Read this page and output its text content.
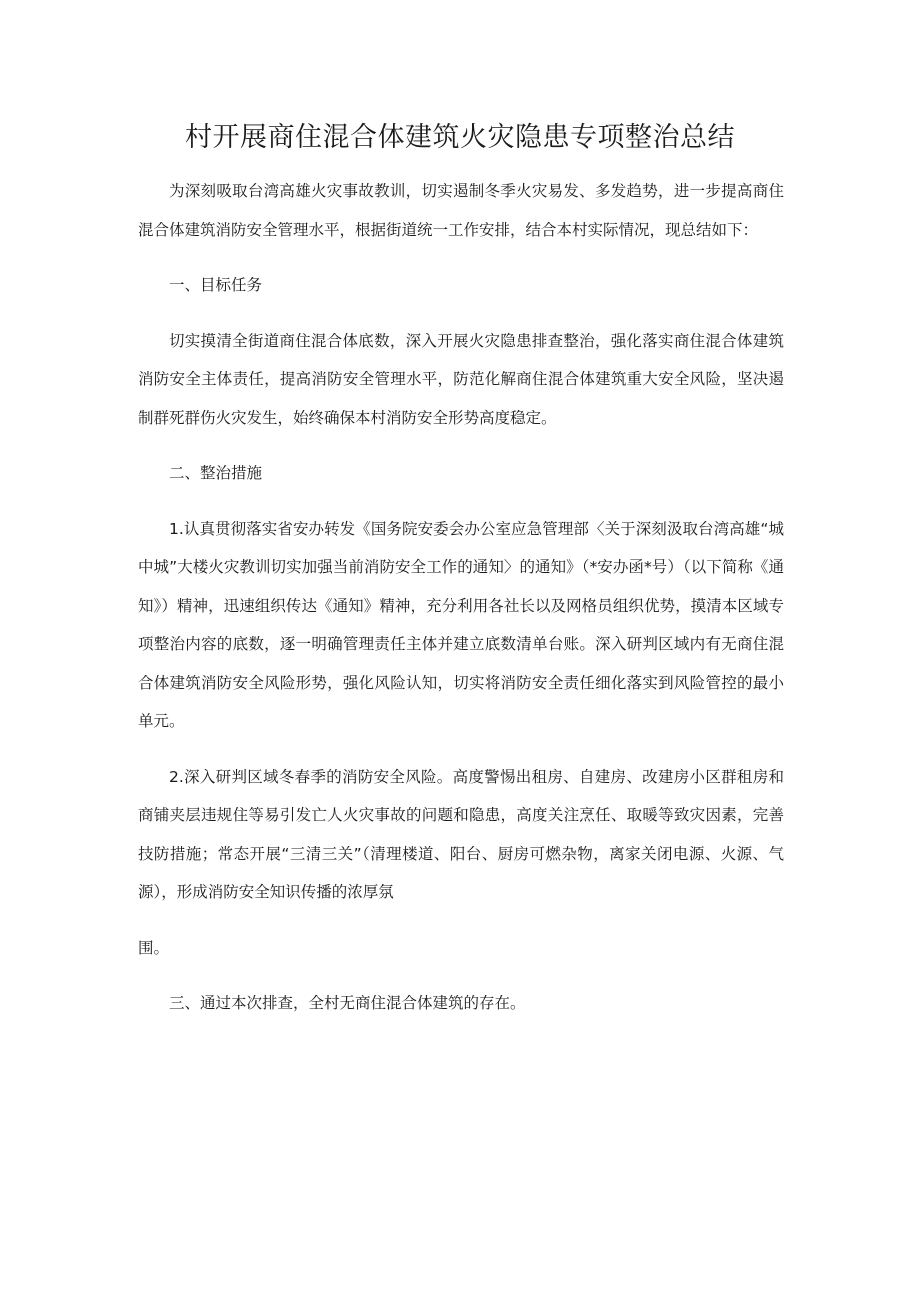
村开展商住混合体建筑火灾隐患专项整治总结

为深刻吸取台湾高雄火灾事故教训，切实遏制冬季火灾易发、多发趋势，进一步提高商住混合体建筑消防安全管理水平，根据街道统一工作安排，结合本村实际情况，现总结如下：

一、目标任务

切实摸清全街道商住混合体底数，深入开展火灾隐患排查整治，强化落实商住混合体建筑消防安全主体责任，提高消防安全管理水平，防范化解商住混合体建筑重大安全风险，坚决遏制群死群伤火灾发生，始终确保本村消防安全形势高度稳定。

二、整治措施

1.认真贯彻落实省安办转发《国务院安委会办公室应急管理部〈关于深刻汲取台湾高雄“城中城”大楼火灾教训切实加强当前消防安全工作的通知〉的通知》（*安办函*号）（以下简称《通知》）精神，迅速组织传达《通知》精神，充分利用各社长以及网格员组织优势，摸清本区域专项整治内容的底数，逐一明确管理责任主体并建立底数清单台账。深入研判区域内有无商住混合体建筑消防安全风险形势，强化风险认知，切实将消防安全责任细化落实到风险管控的最小单元。

2.深入研判区域冬春季的消防安全风险。高度警惕出租房、自建房、改建房小区群租房和商铺夹层违规住等易引发亡人火灾事故的问题和隐患，高度关注烹任、取暖等致灾因素，完善技防措施；常态开展“三清三关”（清理楼道、阳台、厨房可燃杂物，离家关闭电源、火源、气源），形成消防安全知识传播的浓厚氛

围。

三、通过本次排查，全村无商住混合体建筑的存在。
